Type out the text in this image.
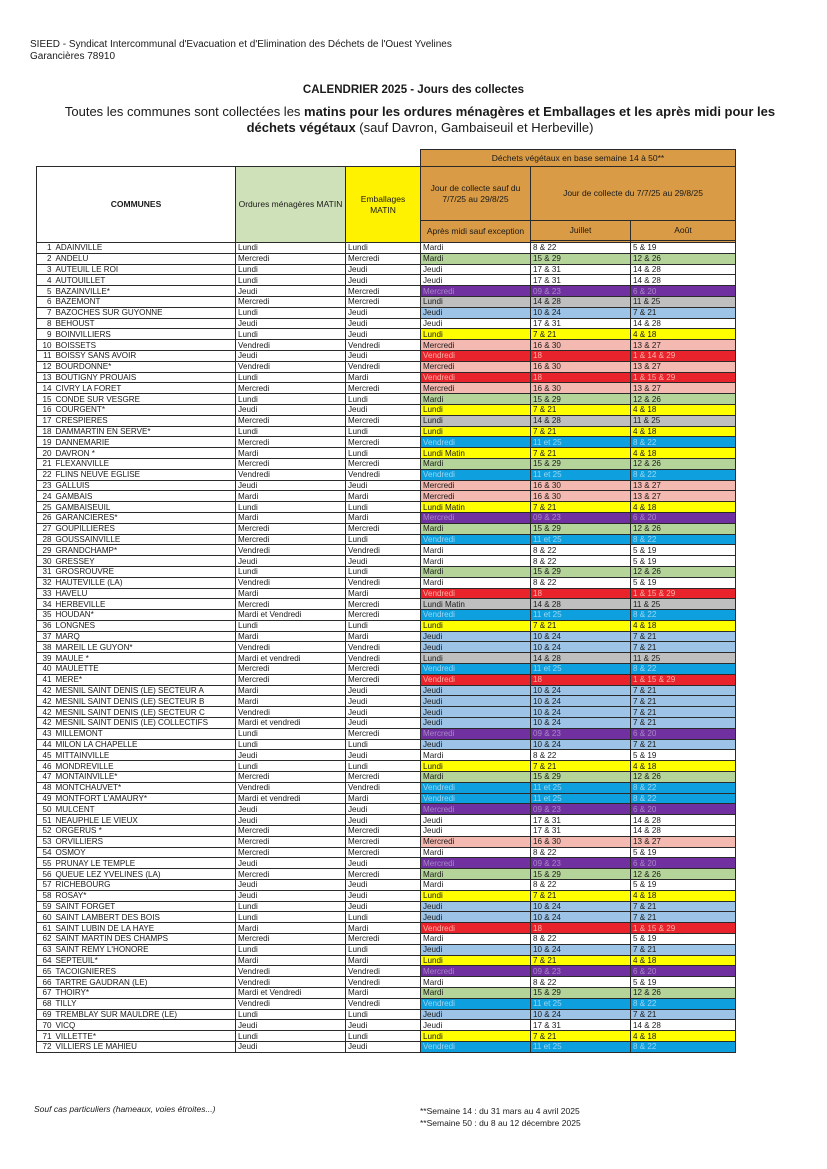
SIEED - Syndicat Intercommunal d'Evacuation et d'Elimination des Déchets de l'Ouest Yvelines
Garancières 78910
CALENDRIER 2025 - Jours des collectes
Toutes les communes sont collectées les matins pour les ordures ménagères et Emballages et les après midi pour les déchets végétaux (sauf Davron, Gambaiseuil et Herbeville)
				Déchets végétaux en base semaine 14 à 50**		
COMMUNES		Ordures ménagères MATIN	Emballages MATIN	Jour de collecte sauf du 7/7/25 au 29/8/25	Jour de collecte du 7/7/25 au 29/8/25	
				Après midi sauf exception	Juillet	Août

1	ADAINVILLE	Lundi	Lundi	Mardi	8 & 22	5 & 19
2	ANDELU	Mercredi	Mercredi	Mardi	15 & 29	12 & 26
3	AUTEUIL LE ROI	Lundi	Jeudi	Jeudi	17 & 31	14 & 28
4	AUTOUILLET	Lundi	Jeudi	Jeudi	17 & 31	14 & 28
5	BAZAINVILLE*	Jeudi	Mercredi	Mercredi	09 & 23	6 & 20
6	BAZEMONT	Mercredi	Mercredi	Lundi	14 & 28	11 & 25
7	BAZOCHES SUR GUYONNE	Lundi	Jeudi	Jeudi	10 & 24	7 & 21
8	BEHOUST	Jeudi	Jeudi	Jeudi	17 & 31	14 & 28
9	BOINVILLIERS	Lundi	Jeudi	Lundi	7 & 21	4 & 18
10	BOISSETS	Vendredi	Vendredi	Mercredi	16 & 30	13 & 27
11	BOISSY SANS AVOIR	Jeudi	Jeudi	Vendredi	18	1 & 14 & 29
12	BOURDONNE*	Vendredi	Vendredi	Mercredi	16 & 30	13 & 27
13	BOUTIGNY PROUAIS	Lundi	Mardi	Vendredi	18	1 & 15 & 29
14	CIVRY LA FORET	Mercredi	Mercredi	Mercredi	16 & 30	13 & 27
15	CONDE SUR VESGRE	Lundi	Lundi	Mardi	15 & 29	12 & 26
16	COURGENT*	Jeudi	Jeudi	Lundi	7 & 21	4 & 18
17	CRESPIERES	Mercredi	Mercredi	Lundi	14 & 28	11 & 25
18	DAMMARTIN EN SERVE*	Lundi	Lundi	Lundi	7 & 21	4 & 18
19	DANNEMARIE	Mercredi	Mercredi	Vendredi	11 et 25	8 & 22
20	DAVRON *	Mardi	Lundi	Lundi Matin	7 & 21	4 & 18
21	FLEXANVILLE	Mercredi	Mercredi	Mardi	15 & 29	12 & 26
22	FLINS NEUVE EGLISE	Vendredi	Vendredi	Vendredi	11 et 25	8 & 22
23	GALLUIS	Jeudi	Jeudi	Mercredi	16 & 30	13 & 27
24	GAMBAIS	Mardi	Mardi	Mercredi	16 & 30	13 & 27
25	GAMBAISEUIL	Lundi	Lundi	Lundi Matin	7 & 21	4 & 18
26	GARANCIERES*	Mardi	Mardi	Mercredi	09 & 23	6 & 20
27	GOUPILLIERES	Mercredi	Mercredi	Mardi	15 & 29	12 & 26
28	GOUSSAINVILLE	Mercredi	Lundi	Vendredi	11 et 25	8 & 22
29	GRANDCHAMP*	Vendredi	Vendredi	Mardi	8 & 22	5 & 19
30	GRESSEY	Jeudi	Jeudi	Mardi	8 & 22	5 & 19
31	GROSROUVRE	Lundi	Lundi	Mardi	15 & 29	12 & 26
32	HAUTEVILLE (LA)	Vendredi	Vendredi	Mardi	8 & 22	5 & 19
33	HAVELU	Mardi	Mardi	Vendredi	18	1 & 15 & 29
34	HERBEVILLE	Mercredi	Mercredi	Lundi Matin	14 & 28	11 & 25
35	HOUDAN*	Mardi et Vendredi	Mercredi	Vendredi	11 et 25	8 & 22
36	LONGNES	Lundi	Lundi	Lundi	7 & 21	4 & 18
37	MARQ	Mardi	Mardi	Jeudi	10 & 24	7 & 21
38	MAREIL LE GUYON*	Vendredi	Vendredi	Jeudi	10 & 24	7 & 21
39	MAULE *	Mardi et vendredi	Vendredi	Lundi	14 & 28	11 & 25
40	MAULETTE	Mercredi	Mercredi	Vendredi	11 et 25	8 & 22
41	MERE*	Mercredi	Mercredi	Vendredi	18	1 & 15 & 29
42	MESNIL SAINT DENIS (LE) SECTEUR A	Mardi	Jeudi	Jeudi	10 & 24	7 & 21
42	MESNIL SAINT DENIS (LE) SECTEUR B	Mardi	Jeudi	Jeudi	10 & 24	7 & 21
42	MESNIL SAINT DENIS (LE) SECTEUR C	Vendredi	Jeudi	Jeudi	10 & 24	7 & 21
42	MESNIL SAINT DENIS (LE) COLLECTIFS	Mardi et vendredi	Jeudi	Jeudi	10 & 24	7 & 21
43	MILLEMONT	Lundi	Mercredi	Mercredi	09 & 23	6 & 20
44	MILON LA CHAPELLE	Lundi	Lundi	Jeudi	10 & 24	7 & 21
45	MITTAINVILLE	Jeudi	Jeudi	Mardi	8 & 22	5 & 19
46	MONDREVILLE	Lundi	Lundi	Lundi	7 & 21	4 & 18
47	MONTAINVILLE*	Mercredi	Mercredi	Mardi	15 & 29	12 & 26
48	MONTCHAUVET*	Vendredi	Vendredi	Vendredi	11 et 25	8 & 22
49	MONTFORT L'AMAURY*	Mardi et vendredi	Mardi	Vendredi	11 et 25	8 & 22
50	MULCENT	Jeudi	Jeudi	Mercredi	09 & 23	6 & 20
51	NEAUPHLE LE VIEUX	Jeudi	Jeudi	Jeudi	17 & 31	14 & 28
52	ORGERUS *	Mercredi	Mercredi	Jeudi	17 & 31	14 & 28
53	ORVILLIERS	Mercredi	Mercredi	Mercredi	16 & 30	13 & 27
54	OSMOY	Mercredi	Mercredi	Mardi	8 & 22	5 & 19
55	PRUNAY LE TEMPLE	Jeudi	Jeudi	Mercredi	09 & 23	6 & 20
56	QUEUE LEZ YVELINES (LA)	Mercredi	Mercredi	Mardi	15 & 29	12 & 26
57	RICHEBOURG	Jeudi	Jeudi	Mardi	8 & 22	5 & 19
58	ROSAY*	Jeudi	Jeudi	Lundi	7 & 21	4 & 18
59	SAINT FORGET	Lundi	Jeudi	Jeudi	10 & 24	7 & 21
60	SAINT LAMBERT DES BOIS	Lundi	Lundi	Jeudi	10 & 24	7 & 21
61	SAINT LUBIN DE LA HAYE	Mardi	Mardi	Vendredi	18	1 & 15 & 29
62	SAINT MARTIN DES CHAMPS	Mercredi	Mercredi	Mardi	8 & 22	5 & 19
63	SAINT REMY L'HONORE	Lundi	Lundi	Jeudi	10 & 24	7 & 21
64	SEPTEUIL*	Mardi	Mardi	Lundi	7 & 21	4 & 18
65	TACOIGNIERES	Vendredi	Vendredi	Mercredi	09 & 23	6 & 20
66	TARTRE GAUDRAN (LE)	Vendredi	Vendredi	Mardi	8 & 22	5 & 19
67	THOIRY*	Mardi et Vendredi	Mardi	Mardi	15 & 29	12 & 26
68	TILLY	Vendredi	Vendredi	Vendredi	11 et 25	8 & 22
69	TREMBLAY SUR MAULDRE (LE)	Lundi	Lundi	Jeudi	10 & 24	7 & 21
70	VICQ	Jeudi	Jeudi	Jeudi	17 & 31	14 & 28
71	VILLETTE*	Lundi	Lundi	Lundi	7 & 21	4 & 18
72	VILLIERS LE MAHIEU	Jeudi	Jeudi	Vendredi	11 et 25	8 & 22
Souf cas particuliers (hameaux, voies étroites...)	**Semaine 14 : du 31 mars au 4 avril 2025
**Semaine 50 : du 8 au 12 décembre 2025
